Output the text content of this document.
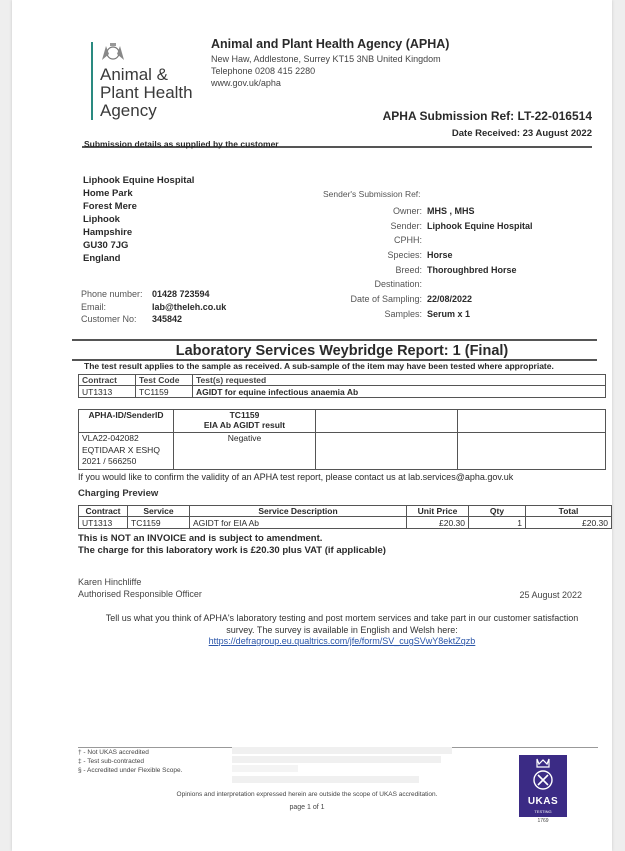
Animal &
Plant Health
Agency
Animal and Plant Health Agency (APHA)
New Haw, Addlestone, Surrey KT15 3NB United Kingdom
Telephone 0208 415 2280
www.gov.uk/apha
APHA Submission Ref: LT-22-016514
Date Received: 23 August 2022
Submission details as supplied by the customer
Liphook Equine Hospital
Home Park
Forest Mere
Liphook
Hampshire
GU30 7JG
England
Phone number:	01428 723594
Email:	lab@theleh.co.uk
Customer No:	345842
Sender's Submission Ref:
Owner: MHS , MHS
Sender: Liphook Equine Hospital
CPHH:
Species: Horse
Breed: Thoroughbred Horse
Destination:
Date of Sampling: 22/08/2022
Samples: Serum x 1
Laboratory Services Weybridge Report: 1 (Final)
The test result applies to the sample as received. A sub-sample of the item may have been tested where appropriate.
Contract	Test Code	Test(s) requested
UT1313	TC1159	AGIDT for equine infectious anaemia Ab
APHA-ID/SenderID	TC1159
EIA Ab AGIDT result		

VLA22-042082
EQTIDAAR X ESHQ
2021 / 566250	Negative		
If you would like to confirm the validity of an APHA test report, please contact us at lab.services@apha.gov.uk
Charging Preview
Contract	Service	Service Description	Unit Price	Qty	Total
UT1313	TC1159	AGIDT for EIA Ab	£20.30	1	£20.30
This is NOT an INVOICE and is subject to amendment.
The charge for this laboratory work is £20.30 plus VAT (if applicable)
Karen Hinchliffe
Authorised Responsible Officer	25 August 2022
Tell us what you think of APHA's laboratory testing and post mortem services and take part in our customer satisfaction
survey. The survey is available in English and Welsh here:
https://defragroup.eu.qualtrics.com/jfe/form/SV_cugSVwY8ektZqzb
† - Not UKAS accredited
‡ - Test sub-contracted
§ - Accredited under Flexible Scope.
Opinions and interpretation expressed herein are outside the scope of UKAS accreditation.
page 1 of 1
UKAS
TESTING
1769
